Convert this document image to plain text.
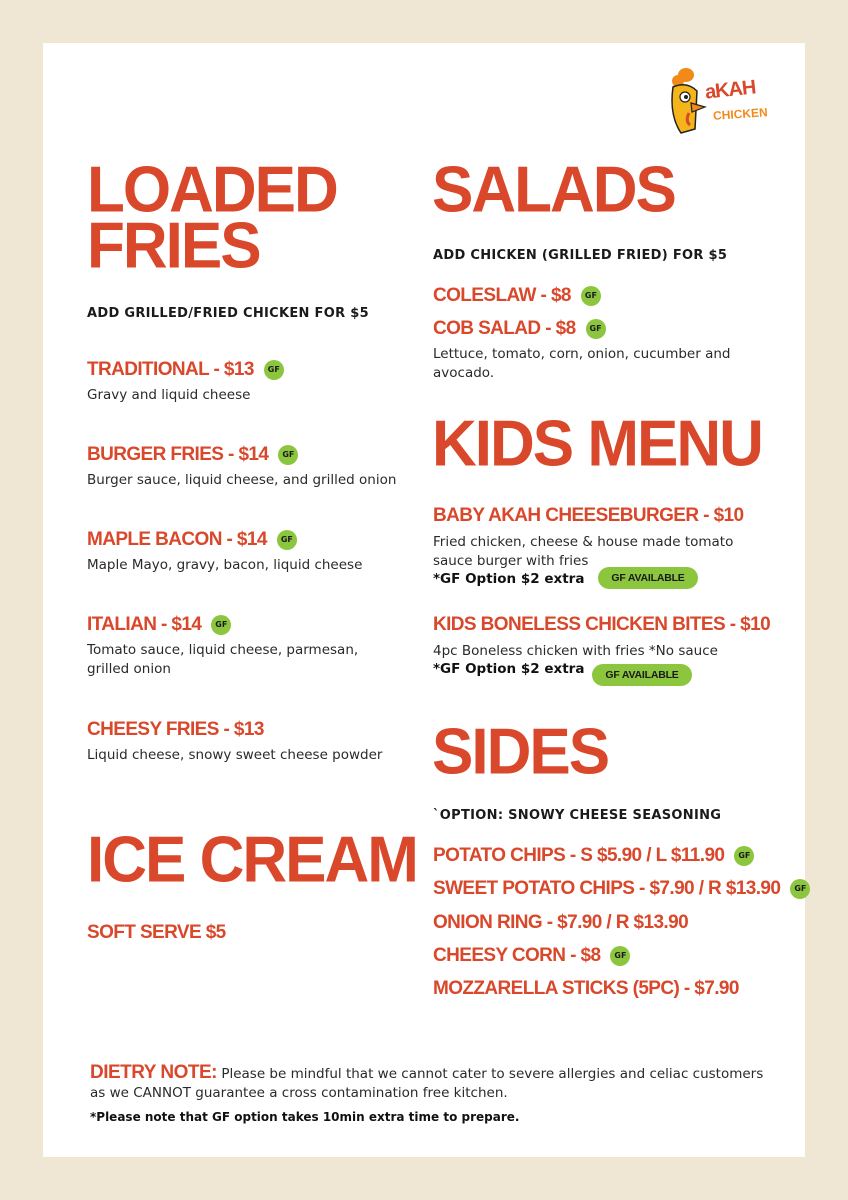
aKAH
CHICKEN
LOADED
FRIES
ADD GRILLED/FRIED CHICKEN FOR $5
TRADITIONAL - $13	GF
Gravy and liquid cheese
BURGER FRIES - $14	GF
Burger sauce, liquid cheese, and grilled onion
MAPLE BACON - $14	GF
Maple Mayo, gravy, bacon, liquid cheese
ITALIAN - $14	GF
Tomato sauce, liquid cheese, parmesan, grilled onion
CHEESY FRIES - $13
Liquid cheese, snowy sweet cheese powder
ICE CREAM
SOFT SERVE $5
SALADS
ADD CHICKEN (GRILLED FRIED) FOR $5
COLESLAW - $8	GF
COB SALAD - $8	GF
Lettuce, tomato, corn, onion, cucumber and avocado.
KIDS MENU
BABY AKAH CHEESEBURGER - $10
Fried chicken, cheese & house made tomato sauce burger with fries
*GF Option $2 extra	GF AVAILABLE
KIDS BONELESS CHICKEN BITES - $10
4pc Boneless chicken with fries *No sauce
*GF Option $2 extra	GF AVAILABLE
SIDES
`OPTION: SNOWY CHEESE SEASONING
POTATO CHIPS - S $5.90 / L $11.90	GF
SWEET POTATO CHIPS - $7.90 / R $13.90	GF
ONION RING - $7.90 / R $13.90
CHEESY CORN - $8	GF
MOZZARELLA STICKS (5PC) - $7.90
DIETRY NOTE: Please be mindful that we cannot cater to severe allergies and celiac customers as we CANNOT guarantee a cross contamination free kitchen.
*Please note that GF option takes 10min extra time to prepare.
